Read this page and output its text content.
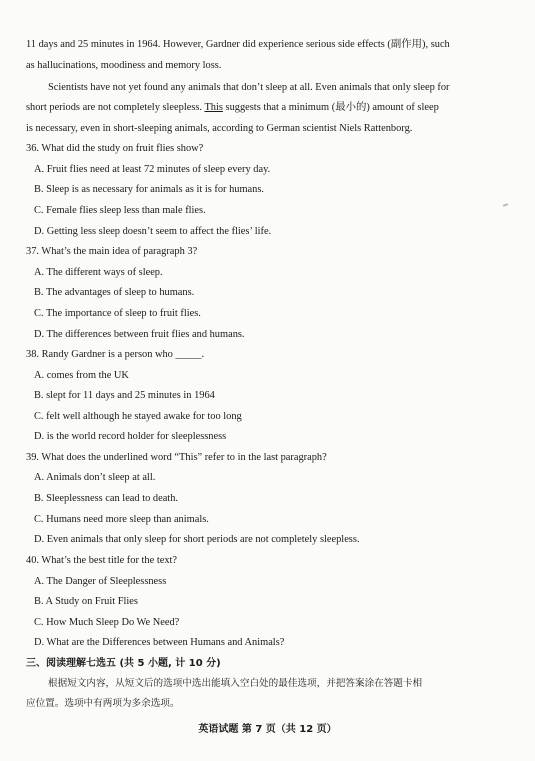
11 days and 25 minutes in 1964. However, Gardner did experience serious side effects (副作用), such
as hallucinations, moodiness and memory loss.
Scientists have not yet found any animals that don’t sleep at all. Even animals that only sleep for
short periods are not completely sleepless. This suggests that a minimum (最小的) amount of sleep
is necessary, even in short-sleeping animals, according to German scientist Niels Rattenborg.
36. What did the study on fruit flies show?
A. Fruit flies need at least 72 minutes of sleep every day.
B. Sleep is as necessary for animals as it is for humans.
C. Female flies sleep less than male flies.
D. Getting less sleep doesn’t seem to affect the flies’ life.
37. What’s the main idea of paragraph 3?
A. The different ways of sleep.
B. The advantages of sleep to humans.
C. The importance of sleep to fruit flies.
D. The differences between fruit flies and humans.
38. Randy Gardner is a person who _____.
A. comes from the UK
B. slept for 11 days and 25 minutes in 1964
C. felt well although he stayed awake for too long
D. is the world record holder for sleeplessness
39. What does the underlined word “This” refer to in the last paragraph?
A. Animals don’t sleep at all.
B. Sleeplessness can lead to death.
C. Humans need more sleep than animals.
D. Even animals that only sleep for short periods are not completely sleepless.
40. What’s the best title for the text?
A. The Danger of Sleeplessness
B. A Study on Fruit Flies
C. How Much Sleep Do We Need?
D. What are the Differences between Humans and Animals?
三、阅读理解七选五 (共 5 小题, 计 10 分)
根据短文内容，从短文后的选项中选出能填入空白处的最佳选项，并把答案涂在答题卡相
应位置。选项中有两项为多余选项。
英语试题 第 7 页（共 12 页）
